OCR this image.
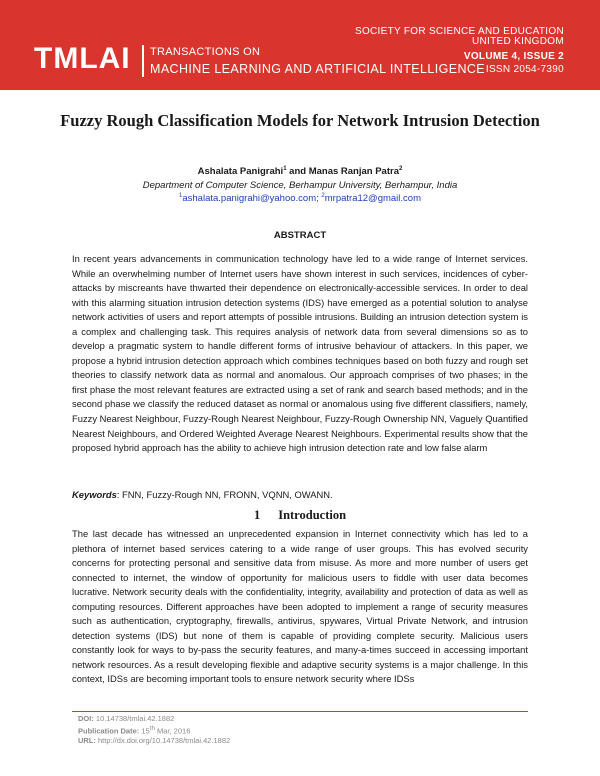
SOCIETY FOR SCIENCE AND EDUCATION
UNITED KINGDOM
TMLAI TRANSACTIONS ON
MACHINE LEARNING AND ARTIFICIAL INTELLIGENCE
VOLUME 4, ISSUE 2
ISSN 2054-7390
Fuzzy Rough Classification Models for Network Intrusion Detection
Ashalata Panigrahi$^1$ and Manas Ranjan Patra$^2$
Department of Computer Science, Berhampur University, Berhampur, India
$^1$ashalata.panigrahi@yahoo.com; $^2$mrpatra12@gmail.com
ABSTRACT
In recent years advancements in communication technology have led to a wide range of Internet services. While an overwhelming number of Internet users have shown interest in such services, incidences of cyber-attacks by miscreants have thwarted their dependence on electronically-accessible services. In order to deal with this alarming situation intrusion detection systems (IDS) have emerged as a potential solution to analyse network activities of users and report attempts of possible intrusions. Building an intrusion detection system is a complex and challenging task. This requires analysis of network data from several dimensions so as to develop a pragmatic system to handle different forms of intrusive behaviour of attackers. In this paper, we propose a hybrid intrusion detection approach which combines techniques based on both fuzzy and rough set theories to classify network data as normal and anomalous. Our approach comprises of two phases; in the first phase the most relevant features are extracted using a set of rank and search based methods; and in the second phase we classify the reduced dataset as normal or anomalous using five different classifiers, namely, Fuzzy Nearest Neighbour, Fuzzy-Rough Nearest Neighbour, Fuzzy-Rough Ownership NN, Vaguely Quantified Nearest Neighbours, and Ordered Weighted Average Nearest Neighbours. Experimental results show that the proposed hybrid approach has the ability to achieve high intrusion detection rate and low false alarm
Keywords: FNN, Fuzzy-Rough NN, FRONN, VQNN, OWANN.
1 Introduction
The last decade has witnessed an unprecedented expansion in Internet connectivity which has led to a plethora of internet based services catering to a wide range of user groups. This has evolved security concerns for protecting personal and sensitive data from misuse. As more and more number of users get connected to internet, the window of opportunity for malicious users to fiddle with user data becomes lucrative. Network security deals with the confidentiality, integrity, availability and protection of data as well as computing resources. Different approaches have been adopted to implement a range of security measures such as authentication, cryptography, firewalls, antivirus, spywares, Virtual Private Network, and intrusion detection systems (IDS) but none of them is capable of providing complete security. Malicious users constantly look for ways to by-pass the security features, and many-a-times succeed in accessing important network resources. As a result developing flexible and adaptive security systems is a major challenge. In this context, IDSs are becoming important tools to ensure network security where IDSs
DOI: 10.14738/tmlai.42.1882
Publication Date: 15th Mar, 2016
URL: http://dx.doi.org/10.14738/tmlai.42.1882
